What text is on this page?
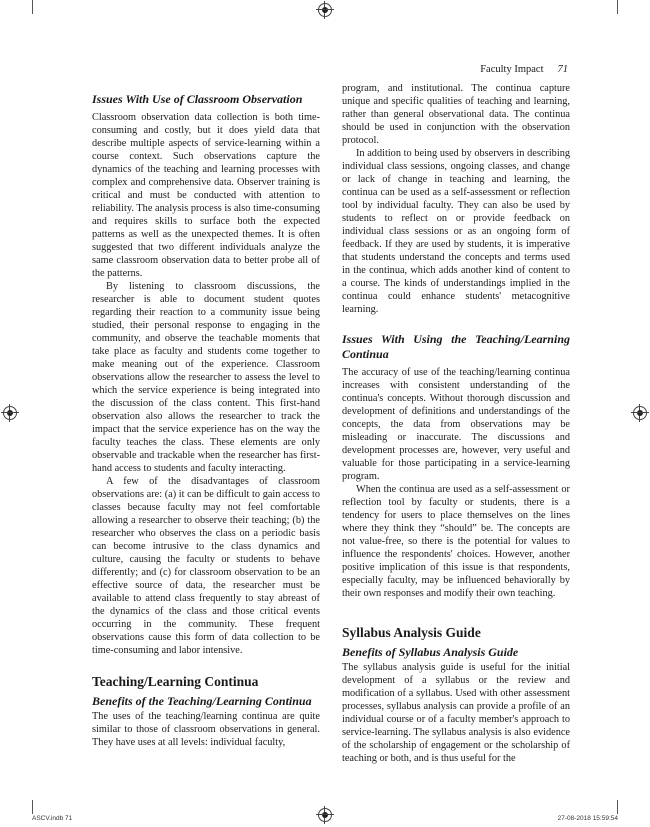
Faculty Impact 71
Issues With Use of Classroom Observation

Classroom observation data collection is both time-consuming and costly, but it does yield data that describe multiple aspects of service-learning within a course context. Such observations capture the dynamics of the teaching and learning processes with complex and comprehensive data. Observer training is critical and must be conducted with attention to reliability. The analysis process is also time-consuming and requires skills to surface both the expected patterns as well as the unexpected themes. It is often suggested that two different individuals analyze the same classroom observation data to better probe all of the patterns.

By listening to classroom discussions, the researcher is able to document student quotes regarding their reaction to a community issue being studied, their personal response to engaging in the community, and observe the teachable moments that take place as faculty and students come together to make meaning out of the experience. Classroom observations allow the researcher to assess the level to which the service experience is being integrated into the discussion of the class content. This first-hand observation also allows the researcher to track the impact that the service experience has on the way the faculty teaches the class. These elements are only observable and trackable when the researcher has first-hand access to students and faculty interacting.

A few of the disadvantages of classroom observations are: (a) it can be difficult to gain access to classes because faculty may not feel comfortable allowing a researcher to observe their teaching; (b) the researcher who observes the class on a periodic basis can become intrusive to the class dynamics and culture, causing the faculty or students to behave differently; and (c) for classroom observation to be an effective source of data, the researcher must be available to attend class frequently to stay abreast of the dynamics of the class and those critical events occurring in the community. These frequent observations cause this form of data collection to be time-consuming and labor intensive.

Teaching/Learning Continua
Benefits of the Teaching/Learning Continua

The uses of the teaching/learning continua are quite similar to those of classroom observations in general. They have uses at all levels: individual faculty,

program, and institutional. The continua capture unique and specific qualities of teaching and learning, rather than general observational data. The continua should be used in conjunction with the observation protocol.

In addition to being used by observers in describing individual class sessions, ongoing classes, and change or lack of change in teaching and learning, the continua can be used as a self-assessment or reflection tool by individual faculty. They can also be used by students to reflect on or provide feedback on individual class sessions or as an ongoing form of feedback. If they are used by students, it is imperative that students understand the concepts and terms used in the continua, which adds another kind of content to a course. The kinds of understandings implied in the continua could enhance students' metacognitive learning.

Issues With Using the Teaching/Learning Continua

The accuracy of use of the teaching/learning continua increases with consistent understanding of the continua's concepts. Without thorough discussion and development of definitions and understandings of the concepts, the data from observations may be misleading or inaccurate. The discussions and development processes are, however, very useful and valuable for those participating in a service-learning program.

When the continua are used as a self-assessment or reflection tool by faculty or students, there is a tendency for users to place themselves on the lines where they think they “should” be. The concepts are not value-free, so there is the potential for values to influence the respondents' choices. However, another positive implication of this issue is that respondents, especially faculty, may be influenced behaviorally by their own responses and modify their own teaching.

Syllabus Analysis Guide
Benefits of Syllabus Analysis Guide

The syllabus analysis guide is useful for the initial development of a syllabus or the review and modification of a syllabus. Used with other assessment processes, syllabus analysis can provide a profile of an individual course or of a faculty member's approach to service-learning. The syllabus analysis is also evidence of the scholarship of engagement or the scholarship of teaching or both, and is thus useful for the

ASCV.indb 71	27-08-2018 15:59:54
